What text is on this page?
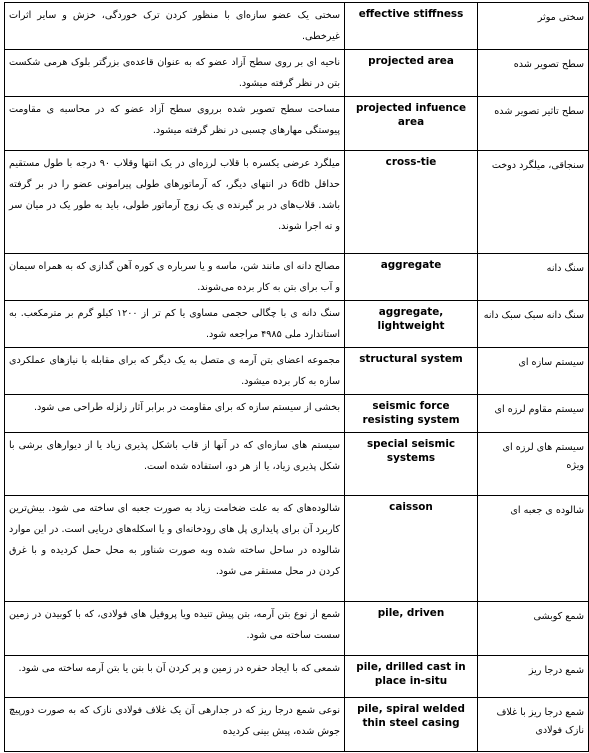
سختی یک عضو سازه‌ای با منظور کردن ترک خوردگی، خزش و سایر اثرات غیرخطی.	effective stiffness	سختی موثر
ناحیه ای بر روی سطح آزاد عضو که به عنوان قاعده‌ی بزرگتر بلوک هرمی شکست بتن در نظر گرفته میشود.	projected area	سطح تصویر شده
مساحت سطح تصویر شده برروی سطح آزاد عضو که در محاسبه ی مقاومت پیوستگی مهارهای چسبی در نظر گرفته میشود.	projected infuence area	سطح تاثیر تصویر شده
میلگرد عرضی یکسره با قلاب لرزه‌ای در یک انتها وقلاب ۹۰ درجه با طول مستقیم حداقل 6db در انتهای دیگر، که آرماتورهای طولی پیرامونی عضو را در بر گرفته باشد. قلاب‌های در بر گیرنده ی یک زوج آرماتور طولی، باید به طور یک در میان سر و ته اجرا شوند.	cross-tie	سنجاقی، میلگرد دوخت
مصالح دانه ای مانند شن، ماسه و یا سرباره ی کوره آهن گدازی که به همراه سیمان و آب برای بتن به کار برده می‌شوند.	aggregate	سنگ دانه
سنگ دانه ی با چگالی حجمی مساوی یا کم تر از ۱۲۰۰ کیلو گرم بر مترمکعب. به استاندارد ملی ۴۹۸۵ مراجعه شود.	aggregate, lightweight	سنگ دانه سبک سبک دانه
مجموعه اعضای بتن آرمه ی متصل به یک دیگر که برای مقابله با نیازهای عملکردی سازه به کار برده میشود.	structural system	سیستم سازه ای
بخشی از سیستم سازه که برای مقاومت در برابر آثار زلزله طراحی می شود.	seismic force resisting system	سیستم مقاوم لرزه ای
سیستم های سازه‌ای که در آنها از قاب باشکل پذیری زیاد یا از دیوارهای برشی با شکل پذیری زیاد، یا از هر دو، استفاده شده است.	special seismic systems	سیستم های لرزه ای ویژه
شالوده‌های که به علت ضخامت زیاد به صورت جعبه ای ساخته می شود. بیش‌ترین کاربرد آن برای پایداری پل های رودخانه‌ای و یا اسکله‌های دریایی است. در این موارد شالوده در ساحل ساخته شده وبه صورت شناور به محل حمل کردیده و با غرق کردن در محل مستقر می شود.	caisson	شالوده ی جعبه ای
شمع از نوع بتن آرمه، بتن پیش تنیده ویا پروفیل های فولادی، که با کوبیدن در زمین سست ساخته می شود.	pile, driven	شمع کوبشی
شمعی که با ایجاد حفره در زمین و پر کردن آن با بتن یا بتن آرمه ساخته می شود.	pile, drilled cast in place in-situ	شمع درجا ریز
نوعی شمع درجا ریز که در جدارهی آن یک غلاف فولادی نازک که به صورت دورپیچ جوش شده، پیش بینی کردیده	pile, spiral welded thin steel casing	شمع درجا ریز با غلاف نازک فولادی
